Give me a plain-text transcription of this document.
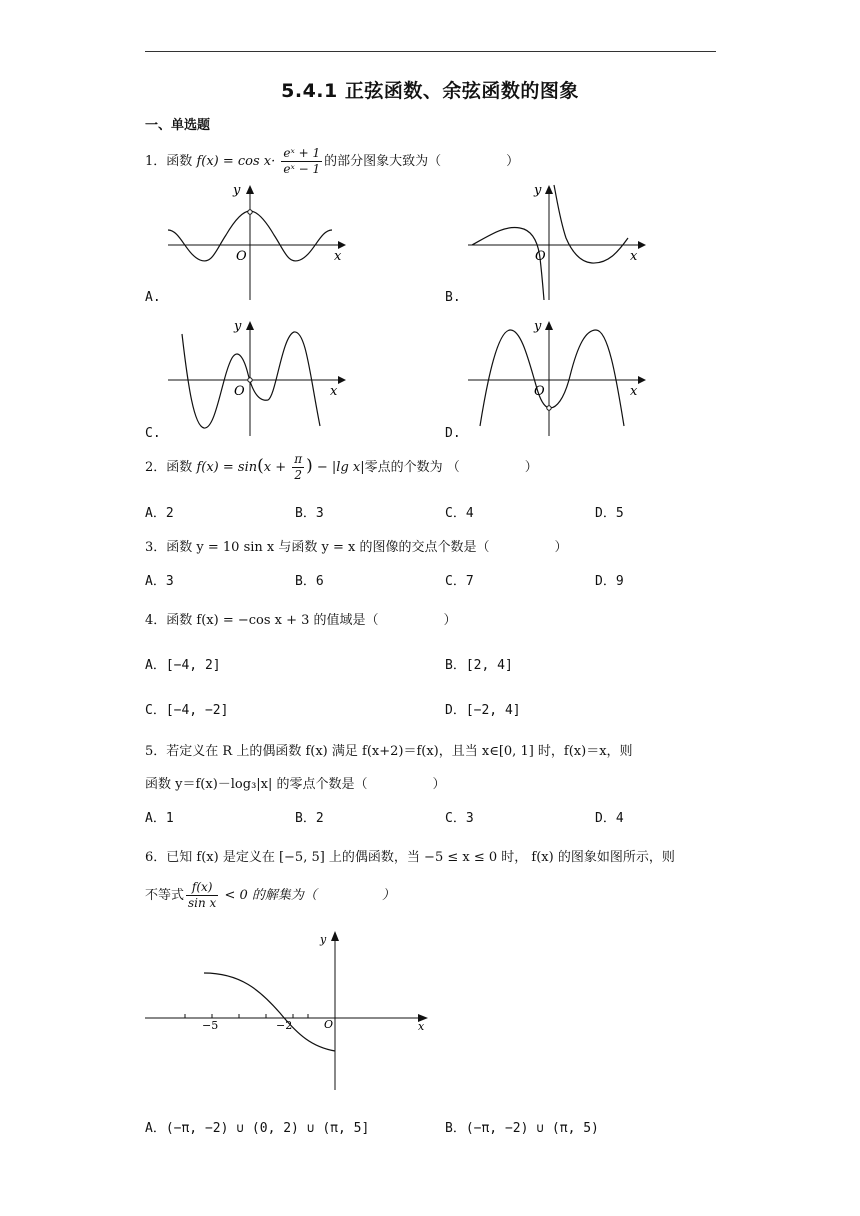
5.4.1 正弦函数、余弦函数的图象
一、单选题
1．函数 $f(x) = \cos x\cdot \frac{\text{eˣ + 1}}{\text{eˣ − 1}}$ 的部分图象大致为（　　　　　）
y
x
O
A.
y
x
O
B.
y
x
O
C.
y
x
O
D.
2．函数 $f(x) = \sin(x + \frac{\pi}{2}$ ) − |lg x|零点的个数为 （　　　　　）
A．2	B．3	C．4	D．5
3．函数 y = 10 sin x 与函数 y = x 的图像的交点个数是（　　　　　）
A．3	B．6	C．7	D．9
4．函数 f(x) = −cos x + 3 的值域是（　　　　　）
A．[−4, 2]	B．[2, 4]
C．[−4, −2]	D．[−2, 4]
5．若定义在 R 上的偶函数 f(x) 满足 f(x+2)＝f(x)，且当 x∈[0, 1] 时，f(x)＝x，则
函数 y＝f(x)－log₃|x| 的零点个数是（　　　　　）
A．1	B．2	C．3	D．4
6．已知 f(x) 是定义在 [−5, 5] 上的偶函数，当 −5 ≤ x ≤ 0 时， f(x) 的图象如图所示，则
不等式 $\frac{f(x)}{\text{sin x}} < 0$ 的解集为（　　　　　）
y
x
O
−5	−2
A．(−π, −2) ∪ (0, 2) ∪ (π, 5]	B．(−π, −2) ∪ (π, 5)
